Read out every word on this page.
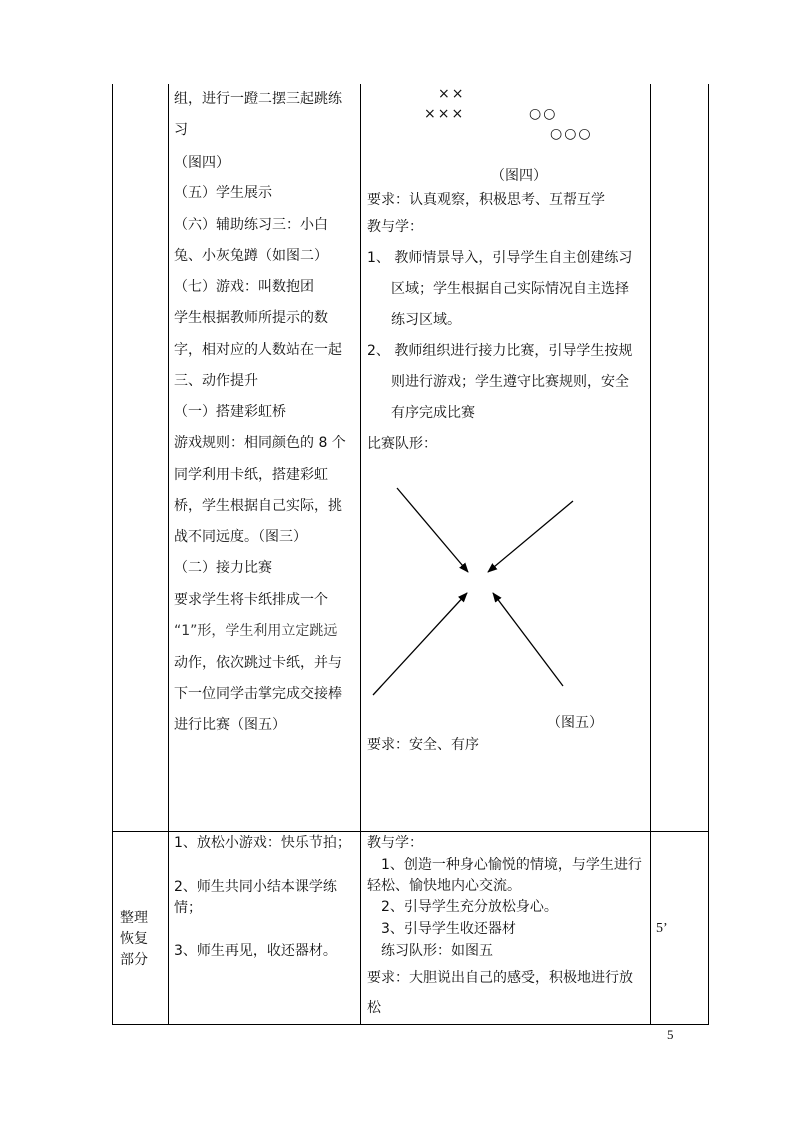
组，进行一蹬二摆三起跳练
习
（图四）
（五）学生展示
（六）辅助练习三：小白
兔、小灰兔蹲（如图二）
（七）游戏：叫数抱团
学生根据教师所提示的数
字，相对应的人数站在一起
三、动作提升
（一）搭建彩虹桥
游戏规则：相同颜色的 8 个
同学利用卡纸，搭建彩虹
桥，学生根据自己实际，挑
战不同远度。（图三）
（二）接力比赛
要求学生将卡纸排成一个
“1”形，学生利用立定跳远
动作，依次跳过卡纸，并与
下一位同学击掌完成交接棒
进行比赛（图五）
××
×××	○○
○○○
（图四）
要求：认真观察，积极思考、互帮互学
教与学：
1、 教师情景导入，引导学生自主创建练习
区域；学生根据自己实际情况自主选择
练习区域。
2、 教师组织进行接力比赛，引导学生按规
则进行游戏；学生遵守比赛规则，安全
有序完成比赛
比赛队形：
（图五）
要求：安全、有序
整理
恢复
部分
1、放松小游戏：快乐节拍；
2、师生共同小结本课学练
情；
3、师生再见，收还器材。
教与学：
1、创造一种身心愉悦的情境，与学生进行
轻松、愉快地内心交流。
2、引导学生充分放松身心。
3、引导学生收还器材
练习队形：如图五
要求：大胆说出自己的感受，积极地进行放
松
5’
5
